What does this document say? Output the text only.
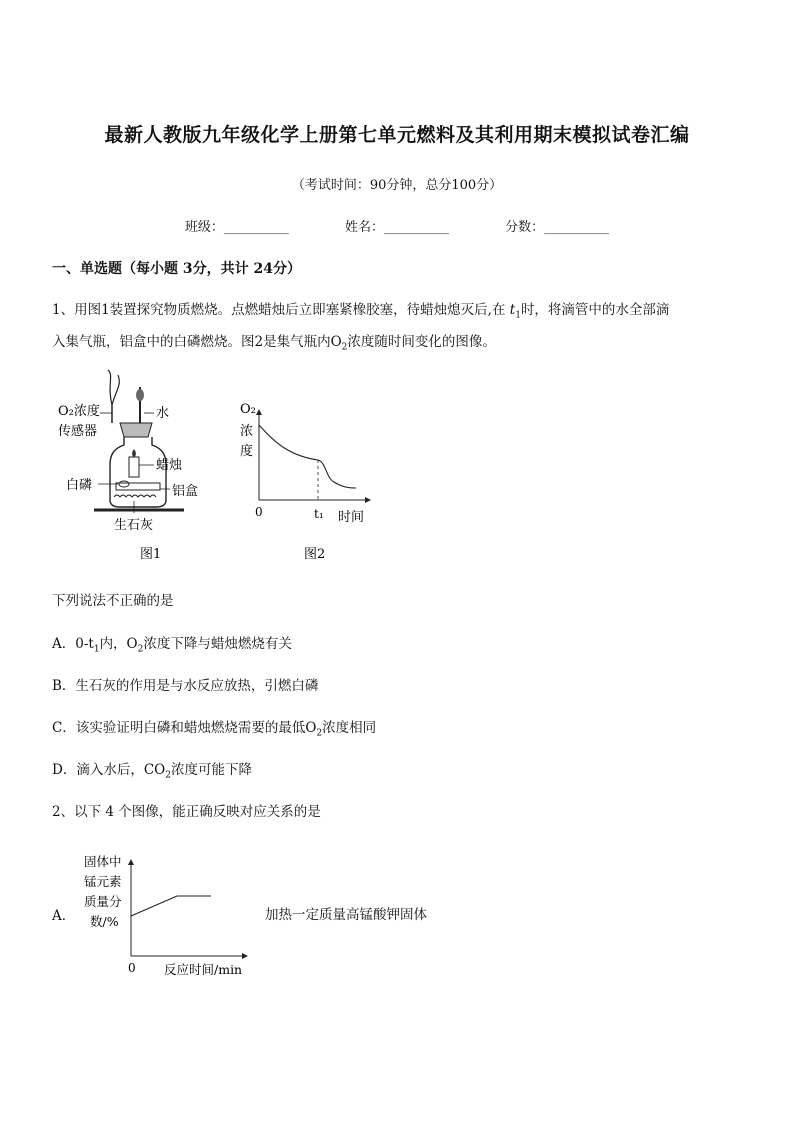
最新人教版九年级化学上册第七单元燃料及其利用期末模拟试卷汇编
（考试时间：90分钟，总分100分）
班级：__________	姓名：__________	分数：__________
一、单选题（每小题 3分，共计 24分）
1、用图1装置探究物质燃烧。点燃蜡烛后立即塞紧橡胶塞，待蜡烛熄灭后,在 $t_1$时，将滴管中的水全部滴
入集气瓶，铝盒中的白磷燃烧。图2是集气瓶内$O_2$浓度随时间变化的图像。
O₂浓度
传感器
水
蜡烛
白磷	铝盒
生石灰
图1
O₂
浓
度
0	t₁ 时间
图2
下列说法不正确的是
A．$0-t_1$内，$O_2$浓度下降与蜡烛燃烧有关
B．生石灰的作用是与水反应放热，引燃白磷
C．该实验证明白磷和蜡烛燃烧需要的最低$O_2$浓度相同
D．滴入水后，$CO_2$浓度可能下降
2、以下 4 个图像，能正确反映对应关系的是
A．
固体中
锰元素
质量分
数/%
0 反应时间/min
加热一定质量高锰酸钾固体
